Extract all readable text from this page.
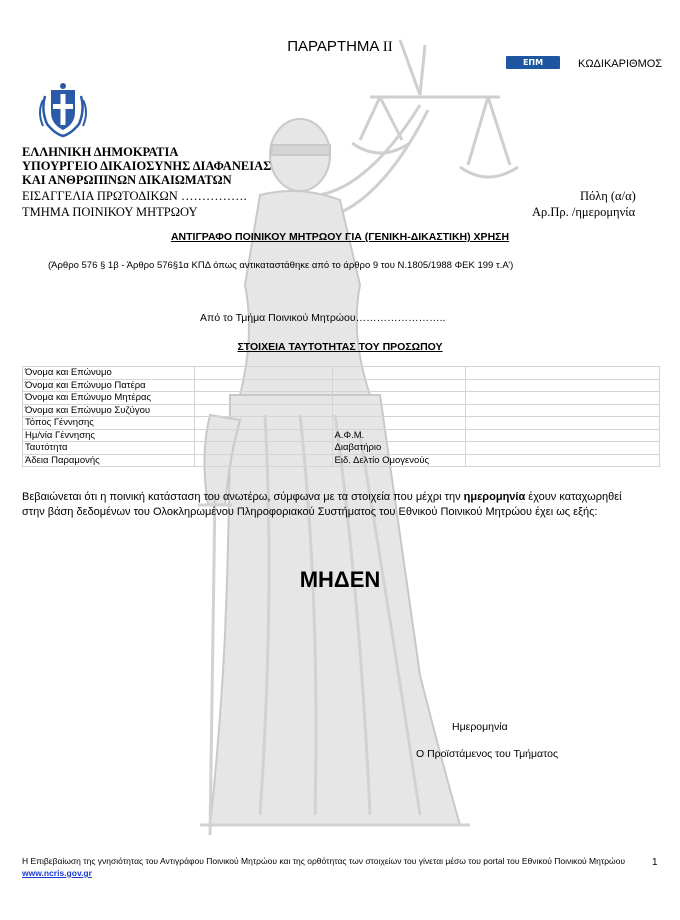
ΠΑΡΑΡΤΗΜΑ II
ΕΠΜ	ΚΩΔΙΚΑΡΙΘΜΟΣ
ΕΛΛΗΝΙΚΗ ΔΗΜΟΚΡΑΤΙΑ
ΥΠΟΥΡΓΕΙΟ ΔΙΚΑΙΟΣΥΝΗΣ ΔΙΑΦΑΝΕΙΑΣ
ΚΑΙ ΑΝΘΡΩΠΙΝΩΝ ΔΙΚΑΙΩΜΑΤΩΝ
ΕΙΣΑΓΓΕΛΙΑ ΠΡΩΤΟΔΙΚΩΝ …………….
ΤΜΗΜΑ ΠΟΙΝΙΚΟΥ ΜΗΤΡΩΟΥ
Πόλη (α/α)
Αρ.Πρ. /ημερομηνία
ΑΝΤΙΓΡΑΦΟ ΠΟΙΝΙΚΟΥ ΜΗΤΡΩΟΥ ΓΙΑ (ΓΕΝΙΚΗ-ΔΙΚΑΣΤΙΚΗ) ΧΡΗΣΗ
(Άρθρο 576 § 1β - Άρθρο 576§1α ΚΠΔ όπως αντικαταστάθηκε από το άρθρο 9 του Ν.1805/1988 ΦΕΚ 199 τ.Α’)
Από το Τμήμα Ποινικού Μητρώου……………………..
ΣΤΟΙΧΕΙΑ ΤΑΥΤΟΤΗΤΑΣ ΤΟΥ ΠΡΟΣΩΠΟΥ
Όνομα και Επώνυμο			
Όνομα και Επώνυμο Πατέρα			
Όνομα και Επώνυμο Μητέρας			
Όνομα και Επώνυμο Συζύγου			
Τόπος Γέννησης			
Ημ/νία Γέννησης		Α.Φ.Μ.	
Ταυτότητα		Διαβατήριο	
Άδεια Παραμονής		Ειδ. Δελτίο Ομογενούς	
Βεβαιώνεται ότι η ποινική κατάσταση του ανωτέρω, σύμφωνα με τα στοιχεία που μέχρι την ημερομηνία έχουν καταχωρηθεί στην βάση δεδομένων του Ολοκληρωμένου Πληροφοριακού Συστήματος του Εθνικού Ποινικού Μητρώου έχει ως εξής:
ΜΗΔΕΝ
Ημερομηνία
Ο Προϊστάμενος του Τμήματος
Η Επιβεβαίωση της γνησιότητας του Αντιγράφου Ποινικού Μητρώου και της ορθότητας των στοιχείων του γίνεται μέσω του portal του Εθνικού Ποινικού Μητρώου www.ncris.gov.gr
1
